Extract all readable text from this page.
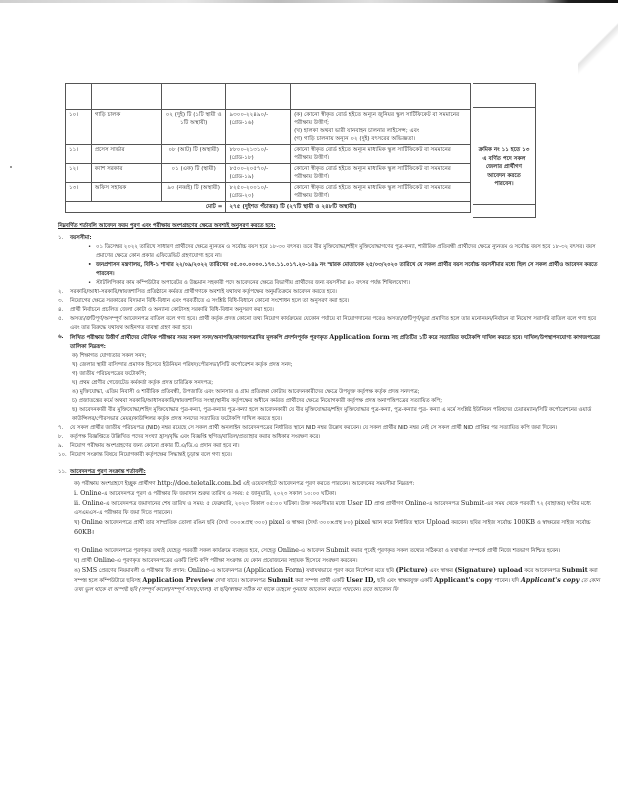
১০।	গাড়ি চালক	০২ (দুই) টি (১টি স্থায়ী ও ১টি অস্থায়ী)	৯৩০০-২২৪৯০/- (গ্রেড-১৬)	(ক) কোনো স্বীকৃত বোর্ড হইতে অন্যূন জুনিয়র স্কুল সার্টিফিকেট বা সমমানের পরীক্ষায় উত্তীর্ণ;
(খ) হালকা অথবা ভারী যানবাহন চালনার লাইসেন্স; এবং
(গ) গাড়ি চালনায় অন্যূন ০২ (দুই) বৎসরের অভিজ্ঞতা।

১১।	প্রসেস সার্ভার	০৮ (আট) টি (অস্থায়ী)	৮৮০০-২১৩১০/- (গ্রেড-১৮)	কোনো স্বীকৃত বোর্ড হইতে অন্যূন মাধ্যমিক স্কুল সার্টিফিকেট বা সমমানের পরীক্ষায় উত্তীর্ণ।
১২।	ক্যাশ সরকার	০১ (এক) টি (স্থায়ী)	৮৫০০-২০৫৭০/- (গ্রেড-১৯)	কোনো স্বীকৃত বোর্ড হইতে অন্যূন মাধ্যমিক স্কুল সার্টিফিকেট বা সমমানের পরীক্ষায় উত্তীর্ণ।
১৩।	অফিস সহায়ক	৯০ (নব্বই) টি (অস্থায়ী)	৮২৫০-২০০১০/- (গ্রেড-২০)	কোনো স্বীকৃত বোর্ড হইতে অন্যূন মাধ্যমিক স্কুল সার্টিফিকেট বা সমমানের পরীক্ষায় উত্তীর্ণ।
মোট =			২৭৫ (দুইশত পঁচাত্তর) টি (২৭টি স্থায়ী ও ২৪৮টি অস্থায়ী)	
ক্রমিক নং ১১ হতে ১৩ এ বর্ণিত পদে সকল জেলার প্রার্থীগণ আবেদন করতে পারবেন।
নিম্নবর্ণিত শর্তাবলি আবেদন ফরম পূরণ এবং পরীক্ষায় অংশগ্রহণের ক্ষেত্রে অবশ্যই অনুসরণ করতে হবে:
১.	বয়সসীমা:
• ০১ ডিসেম্বর ২০২২ তারিখে সাধারণ প্রার্থীদের ক্ষেত্রে ন্যুনতম ও সর্বোচ্চ বয়স হবে ১৮-৩০ বৎসর। তবে বীর মুক্তিযোদ্ধা/শহীদ মুক্তিযোদ্ধাগণের পুত্র-কন্যা, শারীরিক প্রতিবন্ধী প্রার্থীদের ক্ষেত্রে ন্যুনতম ও সর্বোচ্চ বয়স হবে ১৮-৩২ বৎসর। বয়স প্রমাণের ক্ষেত্রে কোন প্রকার এফিডেভিট গ্রহণযোগ্য হবে না।
• জনপ্রশাসন মন্ত্রণালয়, বিধি-১ শাখার ২২/০৯/২০২২ তারিখের ০৫.০০.০০০০.১৭০.১১.০১৭.২০-১৪৯ নং স্মারক মোতাবেক ২৫/০৩/২০২০ তারিখে যে সকল প্রার্থীর বয়স সর্বোচ্চ বয়সসীমার মধ্যে ছিল সে সকল প্রার্থীও আবেদন করতে পারবেন।
• স্টাটলিপিকার কাম কম্পিউটার অপারেটর ও উচ্চমান সহকারী পদে আবেদনের ক্ষেত্রে বিভাগীয় প্রার্থীদের জন্য বয়সসীমা ৪০ বৎসর পর্যন্ত শিথিলযোগ্য।
২.	সরকারি/আধা-সরকারি/স্বায়ত্তশাসিত প্রতিষ্ঠানে কর্মরত প্রার্থীগণকে অবশ্যই যথাযথ কর্তৃপক্ষের অনুমতিক্রমে আবেদন করতে হবে।
৩.	নিয়োগের ক্ষেত্রে সরকারের বিদ্যমান বিধি-বিধান এবং পরবর্তীতে এ সংশ্লিষ্ট বিধি-বিধানে কোনো সংশোধন হলে তা অনুসরণ করা হবে।
৪.	প্রার্থী নির্বাচনে প্রচলিত জেলা কোটা ও অন্যান্য কোটাসহ সরকারি বিধি-বিধান অনুসরণ করা হবে।
৫.	অসত্য/ত্রুটিপূর্ণ/অসম্পূর্ণ আবেদনপত্র বাতিল বলে গণ্য হবে। প্রার্থী কর্তৃক প্রদত্ত কোনো তথ্য নিয়োগ কার্যক্রমের যেকোন পর্যায়ে বা নিয়োগদানের পরেও অসত্য/ত্রুটিপূর্ণ/ভুয়া প্রমাণিত হলে তার মনোনয়ন/নির্বাচন বা নিয়োগ সরাসরি বাতিল বলে গণ্য হবে এবং তার বিরুদ্ধে যথাযথ আইনগত ব্যবস্থা গ্রহণ করা হবে।
৬.	লিখিত পরীক্ষায় উত্তীর্ণ প্রার্থীদের মৌখিক পরীক্ষার সময় সকল সনদ/অনাপত্তি/কাগজপত্রাদির মূলকপি প্রদর্শনপূর্বক পূরণকৃত Application form সহ প্রতিটির ১টি করে সত্যায়িত ফটোকপি দাখিল করতে হবে। দাখিল/উপস্থাপনযোগ্য কাগজপত্রের তালিকা নিম্নরূপ:
ক) শিক্ষাগত যোগ্যতার সকল সনদ;
খ) জেলার স্থায়ী বাসিন্দার প্রমাণক হিসেবে ইউনিয়ন পরিষদ/পৌরসভা/সিটি কর্পোরেশন কর্তৃক প্রদত্ত সনদ;
গ) জাতীয় পরিচয়পত্রের ফটোকপি;
ঘ) প্রথম শ্রেণীর গেজেটেড কর্মকর্তা কর্তৃক প্রদত্ত চারিত্রিক সনদপত্র;
ঙ) মুক্তিযোদ্ধা, এতিম নিবাসী ও শারীরিক প্রতিবন্ধী, উপজাতি এবং আনসার ও গ্রাম প্রতিরক্ষা কোটায় আবেদনকারীদের ক্ষেত্রে উপযুক্ত কর্তৃপক্ষ কর্তৃক প্রদত্ত সনদপত্র;
চ) প্রজাতন্ত্রের কর্মে অথবা সরকারি/আধাসরকারি/স্বায়ত্তশাসিত সংস্থা/স্থানীয় কর্তৃপক্ষের অধীনে কর্মরত প্রার্থীদের ক্ষেত্রে নিয়োগকারী কর্তৃপক্ষ প্রদত্ত অনাপত্তিপত্রের সত্যায়িত কপি;
ছ) আবেদনকারী বীর মুক্তিযোদ্ধা/শহিদ মুক্তিযোদ্ধার পুত্র-কন্যা, পুত্র-কন্যার পুত্র-কন্যা হলে আবেদনকারী যে বীর মুক্তিযোদ্ধার/শহিদ মুক্তিযোদ্ধার পুত্র-কন্যা, পুত্র-কন্যার পুত্র- কন্যা এ মর্মে সংশ্লিষ্ট ইউনিয়ন পরিষদের চেয়ারম্যান/সিটি কর্পোরেশনের ওয়ার্ড কাউন্সিলর/পৌরসভার মেয়র/কাউন্সিলর কর্তৃক প্রদত্ত সনদের সত্যায়িত ফটোকপি দাখিল করতে হবে।
৭.	যে সকল প্রার্থীর জাতীয় পরিচয়পত্র (NID) নম্বর রয়েছে সে সকল প্রার্থী অনলাইন আবেদনপত্রের নির্ধারিত স্থানে NID নম্বর উল্লেখ করবেন। যে সকল প্রার্থীর NID নম্বর নেই সে সকল প্রার্থী NID প্রাপ্তির পর সত্যায়িত কপি জমা দিবেন।
৮.	কর্তৃপক্ষ বিজ্ঞপ্তিতে উল্লিখিত পদের সংখ্যা হ্রাস/বৃদ্ধি এবং বিজ্ঞপ্তি স্থগিত/বাতিল/প্রত্যাহার করার অধিকার সংরক্ষণ করে।
৯.	নিয়োগ পরীক্ষায় অংশগ্রহণের জন্য কোনো প্রকার টি.এ/ডি.এ প্রদান করা হবে না।
১০. নিয়োগ সংক্রান্ত বিষয়ে নিয়োগকারী কর্তৃপক্ষের সিদ্ধান্তই চূড়ান্ত বলে গণ্য হবে।
১১. আবেদনপত্র পূরণ সংক্রান্ত শর্তাবলী:
ক) পরীক্ষায় অংশগ্রহণে ইচ্ছুক প্রার্থীগণ http://doe.teletalk.com.bd এই ওয়েবসাইটে আবেদনপত্র পূরণ করতে পারবেন। আবেদনের সময়সীমা নিম্নরূপ:
i. Online-এ আবেদনপত্র পূরণ ও পরীক্ষার ফি জমাদান শুরুর তারিখ ও সময়: ৫ জানুয়ারি, ২০২৩ সকাল ১০:০০ ঘটিকা।
ii. Online-এ আবেদনপত্র জমাদানের শেষ তারিখ ও সময়: ৫ ফেব্রুয়ারি, ২০২৩ বিকাল ০৫:০০ ঘটিকা। উক্ত সময়সীমার মধ্যে User ID প্রাপ্ত প্রার্থীগণ Online-এ আবেদনপত্র Submit-এর সময় থেকে পরবর্তী ৭২ (বাহাত্তর) ঘণ্টার মধ্যে এসএমএস-এ পরীক্ষার ফি জমা দিতে পারবেন।
খ) Online আবেদনপত্রে প্রার্থী তার সাম্প্রতিক তোলা রঙিন ছবি (দৈর্ঘ্য ৩০০×প্রস্থ ৩০০) pixel ও স্বাক্ষর (দৈর্ঘ্য ৩০০×প্রস্থ ৮০) pixel স্ক্যান করে নির্ধারিত স্থানে Upload করবেন। ছবির সাইজ সর্বোচ্চ 100KB ও স্বাক্ষরের সাইজ সর্বোচ্চ 60KB।
গ) Online আবেদনপত্রে পূরণকৃত তথ্যই যেহেতু পরবর্তী সকল কার্যক্রমে ব্যবহৃত হবে, সেহেতু Online-এ আবেদন Submit করার পূর্বেই পূরণকৃত সকল তথ্যের সঠিকতা ও যথার্থতা সম্পর্কে প্রার্থী নিজে শতভাগ নিশ্চিত হবেন।
ঘ) প্রার্থী Online-এ পূরণকৃত আবেদনপত্রের একটি প্রিন্ট কপি পরীক্ষা সংক্রান্ত যে কোন প্রয়োজনের সহায়ক হিসেবে সংরক্ষণ করবেন।
ঙ) SMS প্রেরণের নিয়মাবলী ও পরীক্ষার ফি প্রদান: Online-এ আবেদনপত্র (Application Form) যথাযথভাবে পূরণ করে নির্দেশনা মতে ছবি (Picture) এবং স্বাক্ষর (Signature) upload করে আবেদনপত্র Submit করা সম্পন্ন হলে কম্পিউটারে ছবিসহ Application Preview দেখা যাবে। আবেদনপত্র Submit করা সম্পন্ন প্রার্থী একটি User ID, ছবি এবং স্বাক্ষরযুক্ত একটি Applicant's copy পাবেন। যদি Applicant's copy তে কোন তথ্য ভুল থাকে বা অস্পষ্ট ছবি (সম্পূর্ণ কালো/সম্পূর্ণ সাদা/ঘোলা) বা ছবি/স্বাক্ষর সঠিক না থাকে তাহলে পুনরায় আবেদন করতে পারবেন। তবে আবেদন ফি
